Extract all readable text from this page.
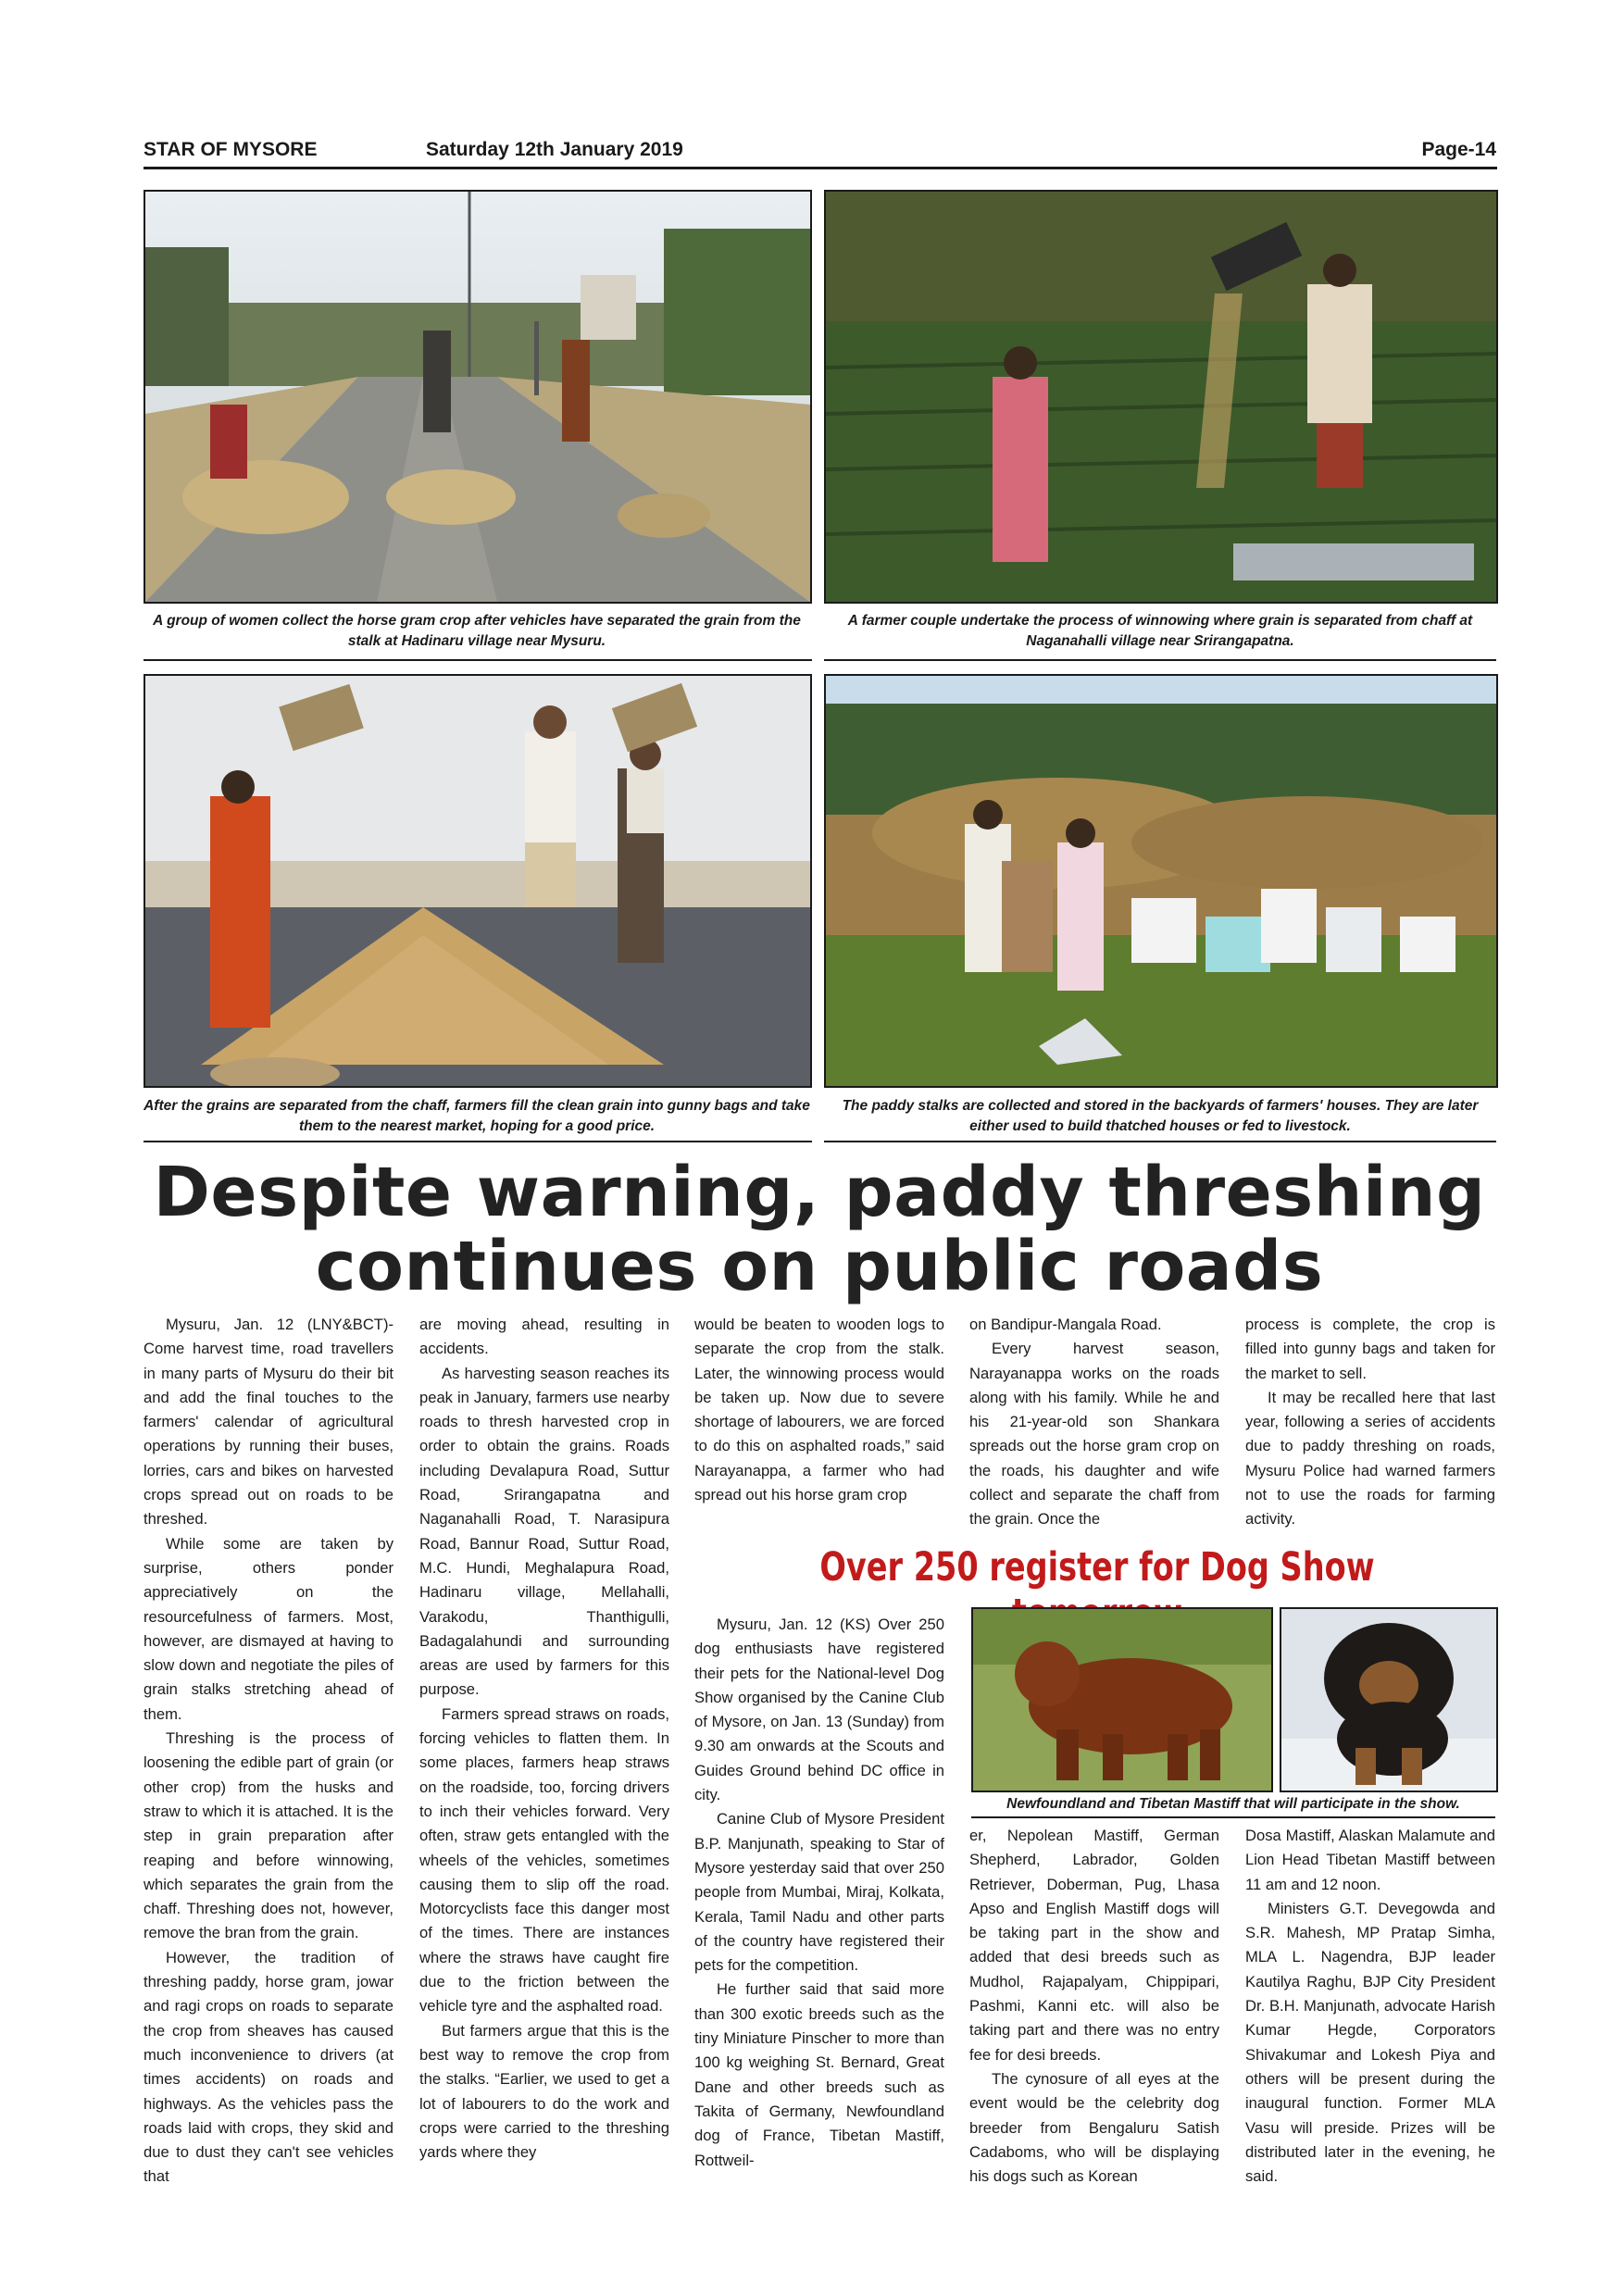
STAR OF MYSORE	Saturday 12th January 2019	Page-14
A group of women collect the horse gram crop after vehicles have separated the grain from the stalk at Hadinaru village near Mysuru.
A farmer couple undertake the process of winnowing where grain is separated from chaff at Naganahalli village near Srirangapatna.
After the grains are separated from the chaff, farmers fill the clean grain into gunny bags and take them to the nearest market, hoping for a good price.
The paddy stalks are collected and stored in the backyards of farmers' houses. They are later either used to build thatched houses or fed to livestock.
Despite warning, paddy threshing
continues on public roads

Mysuru, Jan. 12 (LNY&BCT)- Come harvest time, road travellers in many parts of Mysuru do their bit and add the final touches to the farmers' calendar of agricultural operations by running their buses, lorries, cars and bikes on harvested crops spread out on roads to be threshed.

While some are taken by surprise, others ponder appreciatively on the resourcefulness of farmers. Most, however, are dismayed at having to slow down and negotiate the piles of grain stalks stretching ahead of them.

Threshing is the process of loosening the edible part of grain (or other crop) from the husks and straw to which it is attached. It is the step in grain preparation after reaping and before winnowing, which separates the grain from the chaff. Threshing does not, however, remove the bran from the grain.

However, the tradition of threshing paddy, horse gram, jowar and ragi crops on roads to separate the crop from sheaves has caused much inconvenience to drivers (at times accidents) on roads and highways. As the vehicles pass the roads laid with crops, they skid and due to dust they can't see vehicles that

are moving ahead, resulting in accidents.

As harvesting season reaches its peak in January, farmers use nearby roads to thresh harvested crop in order to obtain the grains. Roads including Devalapura Road, Suttur Road, Srirangapatna and Naganahalli Road, T. Narasipura Road, Bannur Road, Suttur Road, M.C. Hundi, Meghalapura Road, Hadinaru village, Mellahalli, Varakodu, Thanthigulli, Badagalahundi and surrounding areas are used by farmers for this purpose.

Farmers spread straws on roads, forcing vehicles to flatten them. In some places, farmers heap straws on the roadside, too, forcing drivers to inch their vehicles forward. Very often, straw gets entangled with the wheels of the vehicles, sometimes causing them to slip off the road. Motorcyclists face this danger most of the times. There are instances where the straws have caught fire due to the friction between the vehicle tyre and the asphalted road.

But farmers argue that this is the best way to remove the crop from the stalks. “Earlier, we used to get a lot of labourers to do the work and crops were carried to the threshing yards where they

would be beaten to wooden logs to separate the crop from the stalk. Later, the winnowing process would be taken up. Now due to severe shortage of labourers, we are forced to do this on asphalted roads,” said Narayanappa, a farmer who had spread out his horse gram crop

on Bandipur-Mangala Road.

Every harvest season, Narayanappa works on the roads along with his family. While he and his 21-year-old son Shankara spreads out the horse gram crop on the roads, his daughter and wife collect and separate the chaff from the grain. Once the

process is complete, the crop is filled into gunny bags and taken for the market to sell.

It may be recalled here that last year, following a series of accidents due to paddy threshing on roads, Mysuru Police had warned farmers not to use the roads for farming activity.

Over 250 register for Dog Show
Newfoundland and Tibetan Mastiff that will participate in the show.

Mysuru, Jan. 12 (KS) Over 250 dog enthusiasts have registered their pets for the National-level Dog Show organised by the Canine Club of Mysore, on Jan. 13 (Sunday) from 9.30 am onwards at the Scouts and Guides Ground behind DC office in city.

Canine Club of Mysore President B.P. Manjunath, speaking to Star of Mysore yesterday said that over 250 people from Mumbai, Miraj, Kolkata, Kerala, Tamil Nadu and other parts of the country have registered their pets for the competition.

He further said that said more than 300 exotic breeds such as the tiny Miniature Pinscher to more than 100 kg weighing St. Bernard, Great Dane and other breeds such as Takita of Germany, Newfoundland dog of France, Tibetan Mastiff, Rottweil-

er, Nepolean Mastiff, German Shepherd, Labrador, Golden Retriever, Doberman, Pug, Lhasa Apso and English Mastiff dogs will be taking part in the show and added that desi breeds such as Mudhol, Rajapalyam, Chippipari, Pashmi, Kanni etc. will also be taking part and there was no entry fee for desi breeds.

The cynosure of all eyes at the event would be the celebrity dog breeder from Bengaluru Satish Cadaboms, who will be displaying his dogs such as Korean

Dosa Mastiff, Alaskan Malamute and Lion Head Tibetan Mastiff between 11 am and 12 noon.

Ministers G.T. Devegowda and S.R. Mahesh, MP Pratap Simha, MLA L. Nagendra, BJP leader Kautilya Raghu, BJP City President Dr. B.H. Manjunath, advocate Harish Kumar Hegde, Corporators Shivakumar and Lokesh Piya and others will be present during the inaugural function. Former MLA Vasu will preside. Prizes will be distributed later in the evening, he said.
